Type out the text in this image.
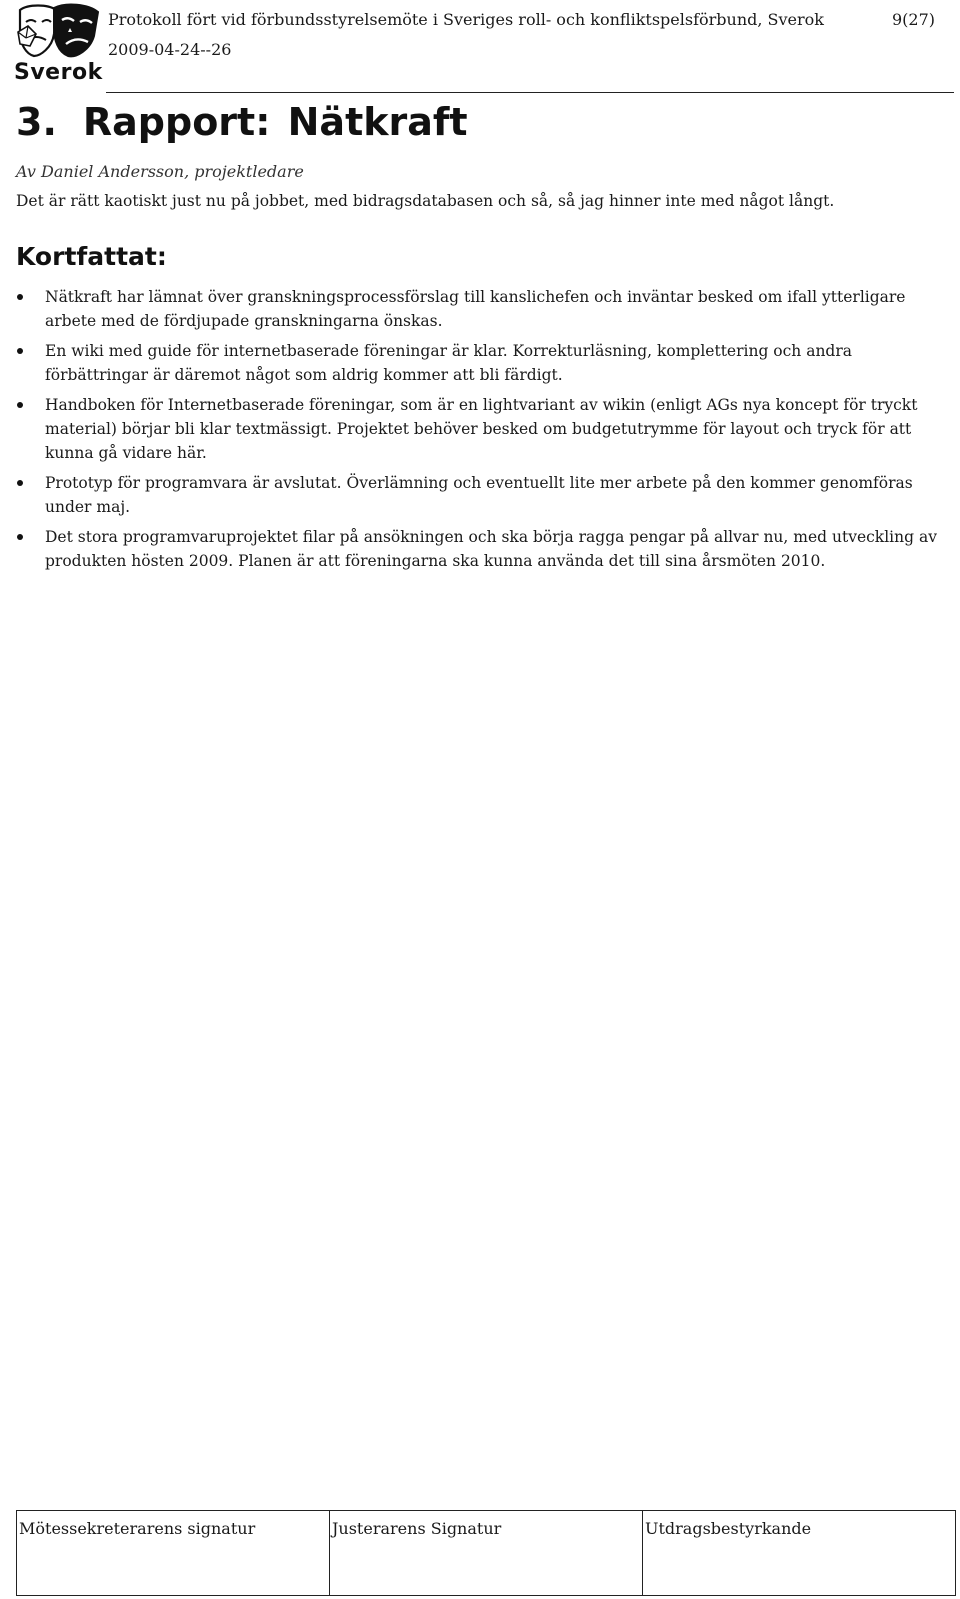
Sverok
Protokoll fört vid förbundsstyrelsemöte i Sveriges roll- och konfliktspelsförbund, Sverok
2009-04-24--26
9(27)
3. Rapport: Nätkraft
Av Daniel Andersson, projektledare
Det är rätt kaotiskt just nu på jobbet, med bidragsdatabasen och så, så jag hinner inte med något långt.
Kortfattat:
Nätkraft har lämnat över granskningsprocessförslag till kanslichefen och inväntar besked om ifall ytterligare arbete med de fördjupade granskningarna önskas.
En wiki med guide för internetbaserade föreningar är klar. Korrekturläsning, komplettering och andra förbättringar är däremot något som aldrig kommer att bli färdigt.
Handboken för Internetbaserade föreningar, som är en lightvariant av wikin (enligt AGs nya koncept för tryckt material) börjar bli klar textmässigt. Projektet behöver besked om budgetutrymme för layout och tryck för att kunna gå vidare här.
Prototyp för programvara är avslutat. Överlämning och eventuellt lite mer arbete på den kommer genomföras under maj.
Det stora programvaruprojektet filar på ansökningen och ska börja ragga pengar på allvar nu, med utveckling av produkten hösten 2009. Planen är att föreningarna ska kunna använda det till sina årsmöten 2010.
Mötessekreterarens signatur	Justerarens Signatur	Utdragsbestyrkande
